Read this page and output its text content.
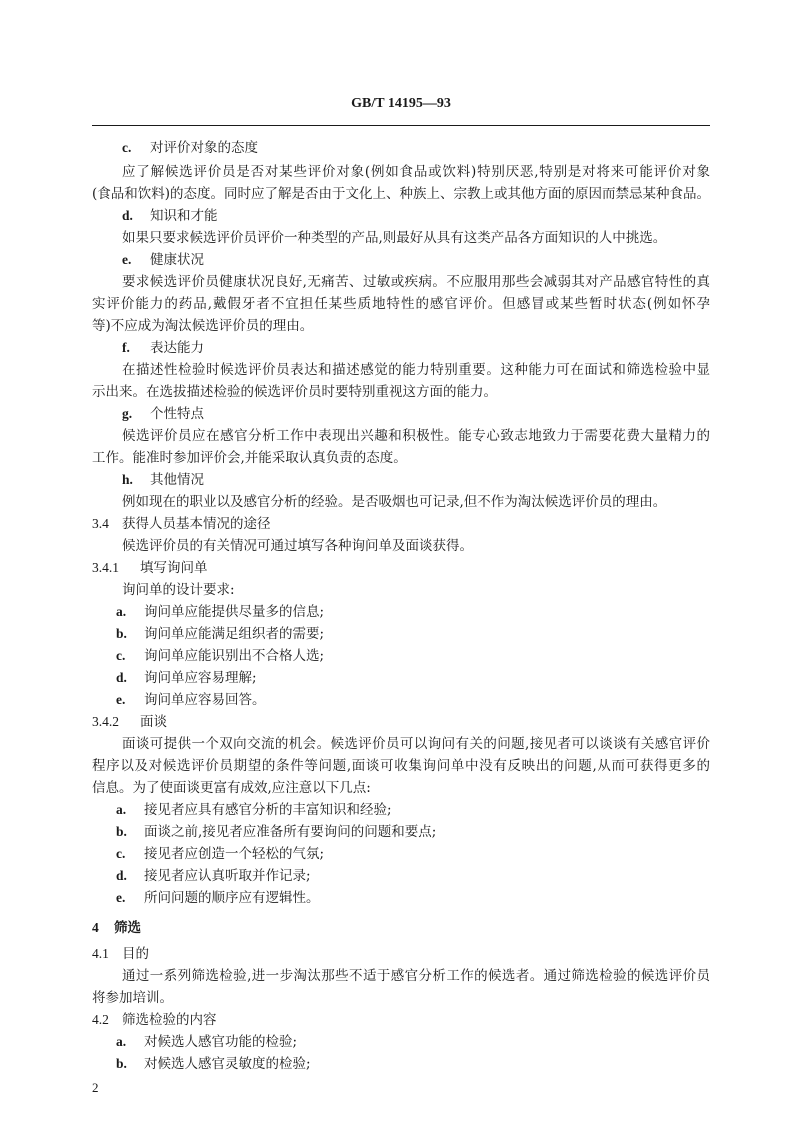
GB/T 14195—93
c. 对评价对象的态度
应了解候选评价员是否对某些评价对象(例如食品或饮料)特别厌恶,特别是对将来可能评价对象
(食品和饮料)的态度。同时应了解是否由于文化上、种族上、宗教上或其他方面的原因而禁忌某种食品。
d. 知识和才能
如果只要求候选评价员评价一种类型的产品,则最好从具有这类产品各方面知识的人中挑选。
e. 健康状况
要求候选评价员健康状况良好,无痛苦、过敏或疾病。不应服用那些会减弱其对产品感官特性的真
实评价能力的药品,戴假牙者不宜担任某些质地特性的感官评价。但感冒或某些暂时状态(例如怀孕
等)不应成为淘汰候选评价员的理由。
f. 表达能力
在描述性检验时候选评价员表达和描述感觉的能力特别重要。这种能力可在面试和筛选检验中显
示出来。在选拔描述检验的候选评价员时要特别重视这方面的能力。
g. 个性特点
候选评价员应在感官分析工作中表现出兴趣和积极性。能专心致志地致力于需要花费大量精力的
工作。能准时参加评价会,并能采取认真负责的态度。
h. 其他情况
例如现在的职业以及感官分析的经验。是否吸烟也可记录,但不作为淘汰候选评价员的理由。
3.4 获得人员基本情况的途径
候选评价员的有关情况可通过填写各种询问单及面谈获得。
3.4.1 填写询问单
询问单的设计要求:
a. 询问单应能提供尽量多的信息;
b. 询问单应能满足组织者的需要;
c. 询问单应能识别出不合格人选;
d. 询问单应容易理解;
e. 询问单应容易回答。
3.4.2 面谈
面谈可提供一个双向交流的机会。候选评价员可以询问有关的问题,接见者可以谈谈有关感官评价
程序以及对候选评价员期望的条件等问题,面谈可收集询问单中没有反映出的问题,从而可获得更多的
信息。为了使面谈更富有成效,应注意以下几点:
a. 接见者应具有感官分析的丰富知识和经验;
b. 面谈之前,接见者应准备所有要询问的问题和要点;
c. 接见者应创造一个轻松的气氛;
d. 接见者应认真听取并作记录;
e. 所问问题的顺序应有逻辑性。
4 筛选
4.1 目的
通过一系列筛选检验,进一步淘汰那些不适于感官分析工作的候选者。通过筛选检验的候选评价员
将参加培训。
4.2 筛选检验的内容
a. 对候选人感官功能的检验;
b. 对候选人感官灵敏度的检验;
2
